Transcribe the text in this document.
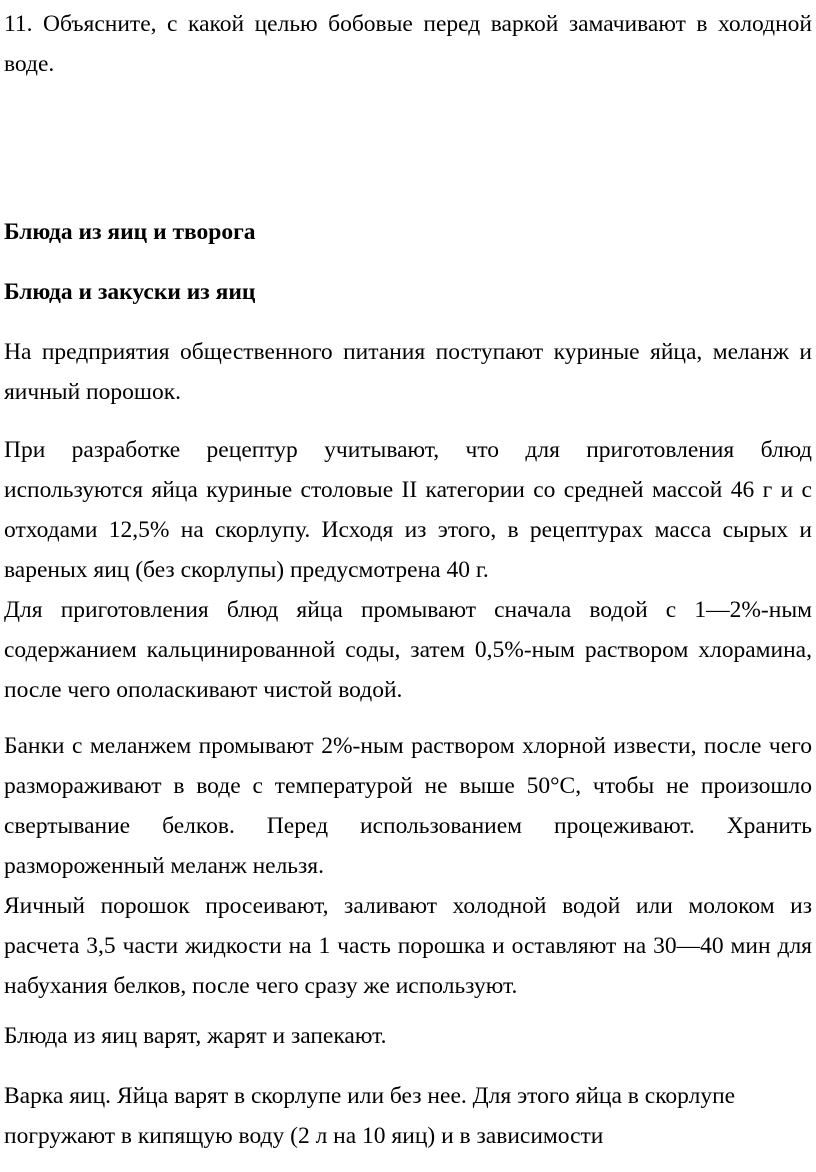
11. Объясните, с какой целью бобовые перед варкой замачивают в холодной воде.

Блюда из яиц и творога

Блюда и закуски из яиц

На предприятия общественного питания поступают куриные яйца, меланж и яичный порошок.

При разработке рецептур учитывают, что для приготовления блюд используются яйца куриные столовые II категории со средней массой 46 г и с отходами 12,5% на скорлупу. Исходя из этого, в рецептурах масса сырых и вареных яиц (без скорлупы) предусмотрена 40 г.

Для приготовления блюд яйца промывают сначала водой с 1—2%-ным содержанием кальцинированной соды, затем 0,5%-ным раствором хлорамина, после чего ополаскивают чистой водой.

Банки с меланжем промывают 2%-ным раствором хлорной извести, после чего размораживают в воде с температурой не выше 50°С, чтобы не произошло свертывание белков. Перед использованием процеживают. Хранить размороженный меланж нельзя.

Яичный порошок просеивают, заливают холодной водой или молоком из расчета 3,5 части жидкости на 1 часть порошка и оставляют на 30—40 мин для набухания белков, после чего сразу же используют.

Блюда из яиц варят, жарят и запекают.

Варка яиц. Яйца варят в скорлупе или без нее. Для этого яйца в скорлупе погружают в кипящую воду (2 л на 10 яиц) и в зависимости
